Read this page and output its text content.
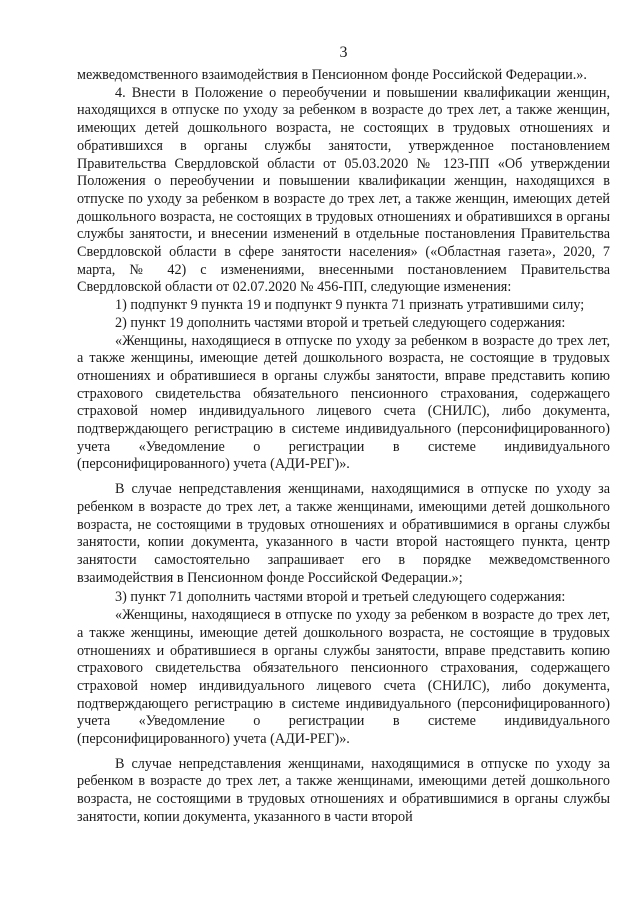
3

межведомственного взаимодействия в Пенсионном фонде Российской Федерации.».

4. Внести в Положение о переобучении и повышении квалификации женщин, находящихся в отпуске по уходу за ребенком в возрасте до трех лет, а также женщин, имеющих детей дошкольного возраста, не состоящих в трудовых отношениях и обратившихся в органы службы занятости, утвержденное постановлением Правительства Свердловской области от 05.03.2020 № 123-ПП «Об утверждении Положения о переобучении и повышении квалификации женщин, находящихся в отпуске по уходу за ребенком в возрасте до трех лет, а также женщин, имеющих детей дошкольного возраста, не состоящих в трудовых отношениях и обратившихся в органы службы занятости, и внесении изменений в отдельные постановления Правительства Свердловской области в сфере занятости населения» («Областная газета», 2020, 7 марта, № 42) с изменениями, внесенными постановлением Правительства Свердловской области от 02.07.2020 № 456-ПП, следующие изменения:

1) подпункт 9 пункта 19 и подпункт 9 пункта 71 признать утратившими силу;

2) пункт 19 дополнить частями второй и третьей следующего содержания:

«Женщины, находящиеся в отпуске по уходу за ребенком в возрасте до трех лет, а также женщины, имеющие детей дошкольного возраста, не состоящие в трудовых отношениях и обратившиеся в органы службы занятости, вправе представить копию страхового свидетельства обязательного пенсионного страхования, содержащего страховой номер индивидуального лицевого счета (СНИЛС), либо документа, подтверждающего регистрацию в системе индивидуального (персонифицированного) учета «Уведомление о регистрации в системе индивидуального (персонифицированного) учета (АДИ-РЕГ)».

В случае непредставления женщинами, находящимися в отпуске по уходу за ребенком в возрасте до трех лет, а также женщинами, имеющими детей дошкольного возраста, не состоящими в трудовых отношениях и обратившимися в органы службы занятости, копии документа, указанного в части второй настоящего пункта, центр занятости самостоятельно запрашивает его в порядке межведомственного взаимодействия в Пенсионном фонде Российской Федерации.»;

3) пункт 71 дополнить частями второй и третьей следующего содержания:

«Женщины, находящиеся в отпуске по уходу за ребенком в возрасте до трех лет, а также женщины, имеющие детей дошкольного возраста, не состоящие в трудовых отношениях и обратившиеся в органы службы занятости, вправе представить копию страхового свидетельства обязательного пенсионного страхования, содержащего страховой номер индивидуального лицевого счета (СНИЛС), либо документа, подтверждающего регистрацию в системе индивидуального (персонифицированного) учета «Уведомление о регистрации в системе индивидуального (персонифицированного) учета (АДИ-РЕГ)».

В случае непредставления женщинами, находящимися в отпуске по уходу за ребенком в возрасте до трех лет, а также женщинами, имеющими детей дошкольного возраста, не состоящими в трудовых отношениях и обратившимися в органы службы занятости, копии документа, указанного в части второй
